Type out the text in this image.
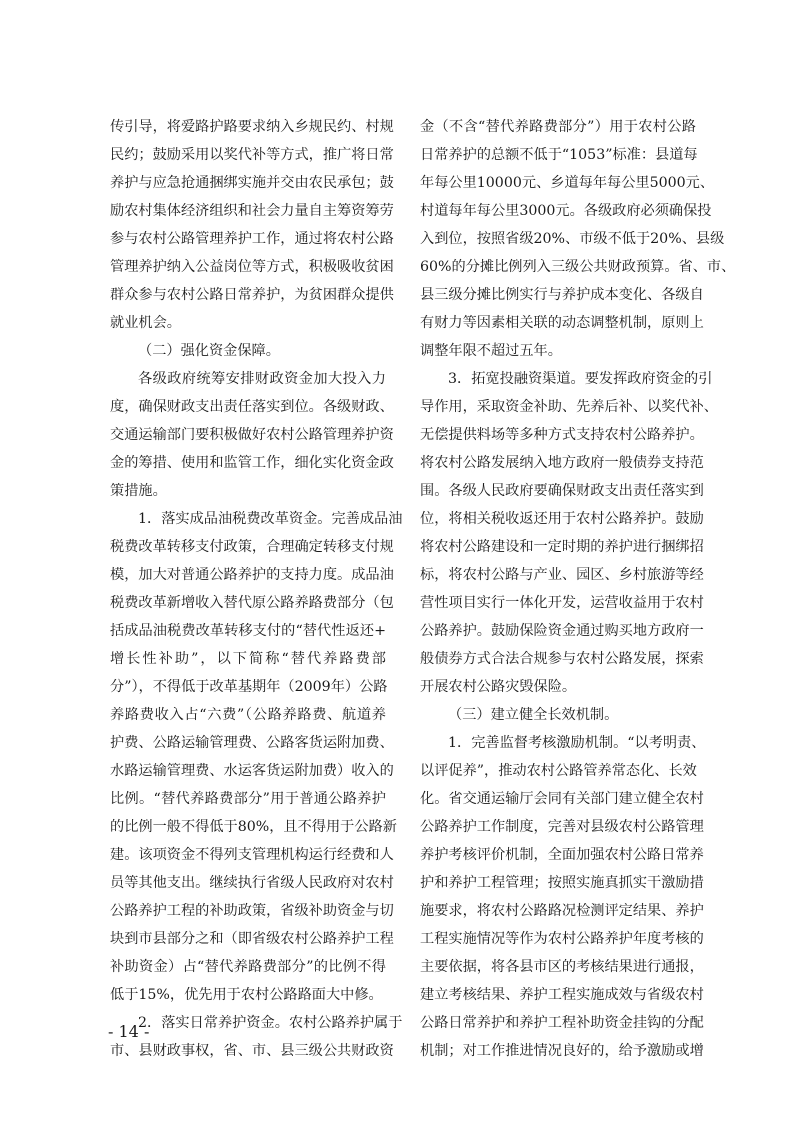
传引导，将爱路护路要求纳入乡规民约、村规
民约；鼓励采用以奖代补等方式，推广将日常
养护与应急抢通捆绑实施并交由农民承包；鼓
励农村集体经济组织和社会力量自主筹资筹劳
参与农村公路管理养护工作，通过将农村公路
管理养护纳入公益岗位等方式，积极吸收贫困
群众参与农村公路日常养护，为贫困群众提供
就业机会。
（二）强化资金保障。
各级政府统筹安排财政资金加大投入力
度，确保财政支出责任落实到位。各级财政、
交通运输部门要积极做好农村公路管理养护资
金的筹措、使用和监管工作，细化实化资金政
策措施。
1．落实成品油税费改革资金。完善成品油
税费改革转移支付政策，合理确定转移支付规
模，加大对普通公路养护的支持力度。成品油
税费改革新增收入替代原公路养路费部分（包
括成品油税费改革转移支付的“替代性返还+
增长性补助”，以下简称“替代养路费部
分”），不得低于改革基期年（2009年）公路
养路费收入占“六费”（公路养路费、航道养
护费、公路运输管理费、公路客货运附加费、
水路运输管理费、水运客货运附加费）收入的
比例。“替代养路费部分”用于普通公路养护
的比例一般不得低于80%，且不得用于公路新
建。该项资金不得列支管理机构运行经费和人
员等其他支出。继续执行省级人民政府对农村
公路养护工程的补助政策，省级补助资金与切
块到市县部分之和（即省级农村公路养护工程
补助资金）占“替代养路费部分”的比例不得
低于15%，优先用于农村公路路面大中修。
2．落实日常养护资金。农村公路养护属于
市、县财政事权，省、市、县三级公共财政资
金（不含“替代养路费部分”）用于农村公路
日常养护的总额不低于“1053”标准：县道每
年每公里10000元、乡道每年每公里5000元、
村道每年每公里3000元。各级政府必须确保投
入到位，按照省级20%、市级不低于20%、县级
60%的分摊比例列入三级公共财政预算。省、市、
县三级分摊比例实行与养护成本变化、各级自
有财力等因素相关联的动态调整机制，原则上
调整年限不超过五年。
3．拓宽投融资渠道。要发挥政府资金的引
导作用，采取资金补助、先养后补、以奖代补、
无偿提供料场等多种方式支持农村公路养护。
将农村公路发展纳入地方政府一般债券支持范
围。各级人民政府要确保财政支出责任落实到
位，将相关税收返还用于农村公路养护。鼓励
将农村公路建设和一定时期的养护进行捆绑招
标，将农村公路与产业、园区、乡村旅游等经
营性项目实行一体化开发，运营收益用于农村
公路养护。鼓励保险资金通过购买地方政府一
般债券方式合法合规参与农村公路发展，探索
开展农村公路灾毁保险。
（三）建立健全长效机制。
1．完善监督考核激励机制。“以考明责、
以评促养”，推动农村公路管养常态化、长效
化。省交通运输厅会同有关部门建立健全农村
公路养护工作制度，完善对县级农村公路管理
养护考核评价机制，全面加强农村公路日常养
护和养护工程管理；按照实施真抓实干激励措
施要求，将农村公路路况检测评定结果、养护
工程实施情况等作为农村公路养护年度考核的
主要依据，将各县市区的考核结果进行通报，
建立考核结果、养护工程实施成效与省级农村
公路日常养护和养护工程补助资金挂钩的分配
机制；对工作推进情况良好的，给予激励或增
- 14 -
